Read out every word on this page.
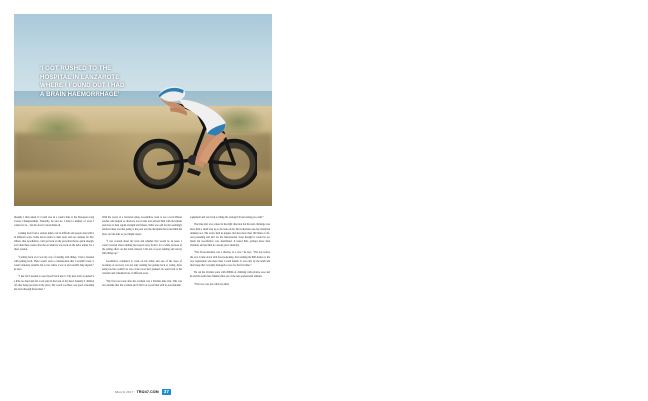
'I GOT RUSHED TO THE
HOSPITAL IN LANZAROTE
WHERE I FOUND OUT I HAD
A BRAIN HAEMORRHAGE'

thought, I then asked if I could race in a week's time at the European Long Course Championships. Naturally, he said no. I listed a number of races I wanted to do – but the doctor vetoed them all.

Coming back from a serious injury can be difficult and people deal with it in different ways. Some never return to their sport and are cautious for life. Others, like Goodfellow, can't get back on the proverbial horse quick enough. Less than three weeks after the accident he was back on the turbo trainer for a short session.

“Coming back on it was my way of dealing with things. I had a fixation with getting back. There wasn't even a consideration that I wouldn't train, it wasn't remotely sensible but it was where I was at and couldn't help myself,” he says.

“I just felt I needed to ease myself back into it. The next turbo I pushed it a little too hard and felt a real pain in the back of my head. Sensibly I climbed off after being put back in my place. My coach, Joe Beer, was good at holding me back through these times.”

With the worry of a fractured spine, Goodfellow went to see a local Pilates teacher who helped to check he was in line and advised him with movement exercises to help regain strength and fitness. What was odd for the seemingly fearless bloke was that going to the pool was the discipline that scared him the most, not the bike as you might expect.

“I was worried about my neck and whether that would be an issue. I wasn't worried about running but stayed away from it for a while because of the jolting effect on the brain. Instead I did lots of pool running and slowly built things up.”

Goodfellow continued to work on his rehab and one of his steps of focusing on recovery was not only training but getting back to racing. After being told he couldn't do lots of the races he'd planned, he went back to his calendar and scheduled lots of different races.

“My first race back after the accident was a 28-mile time trial. This was two months after the accident and I did it on a road bike with no aerodynamic

equipment and was back to riding the wattage I'd been doing pre-crash.”

The time trial was a mere in the right direction but his next challenge was more than a small step up so he took on the Tiross-Rockies one-day mountain running race. The event, held in August, involves more than 100 miles of off-road pounding and isn't for the faint-hearted. Soon thought it would be too much but Goodfellow was determined. It tested him, perhaps more than Ironman, and put him in a strong place mentally.

“The Tiross-Rockies was a shocker of a race,” he says. “The day before the race I came down with food poisoning. Just walking the 800-metres to the race registration was more than I could handle. It was only by the tenth and final stage that I actually managed to race for the first time.”

He ran the 20-mile route with 2000m of climbing with relative ease and he and his team mate finished first out of the non-professional athletes.

“This race was just what my mind

March 2017 TRI247.COM	37
